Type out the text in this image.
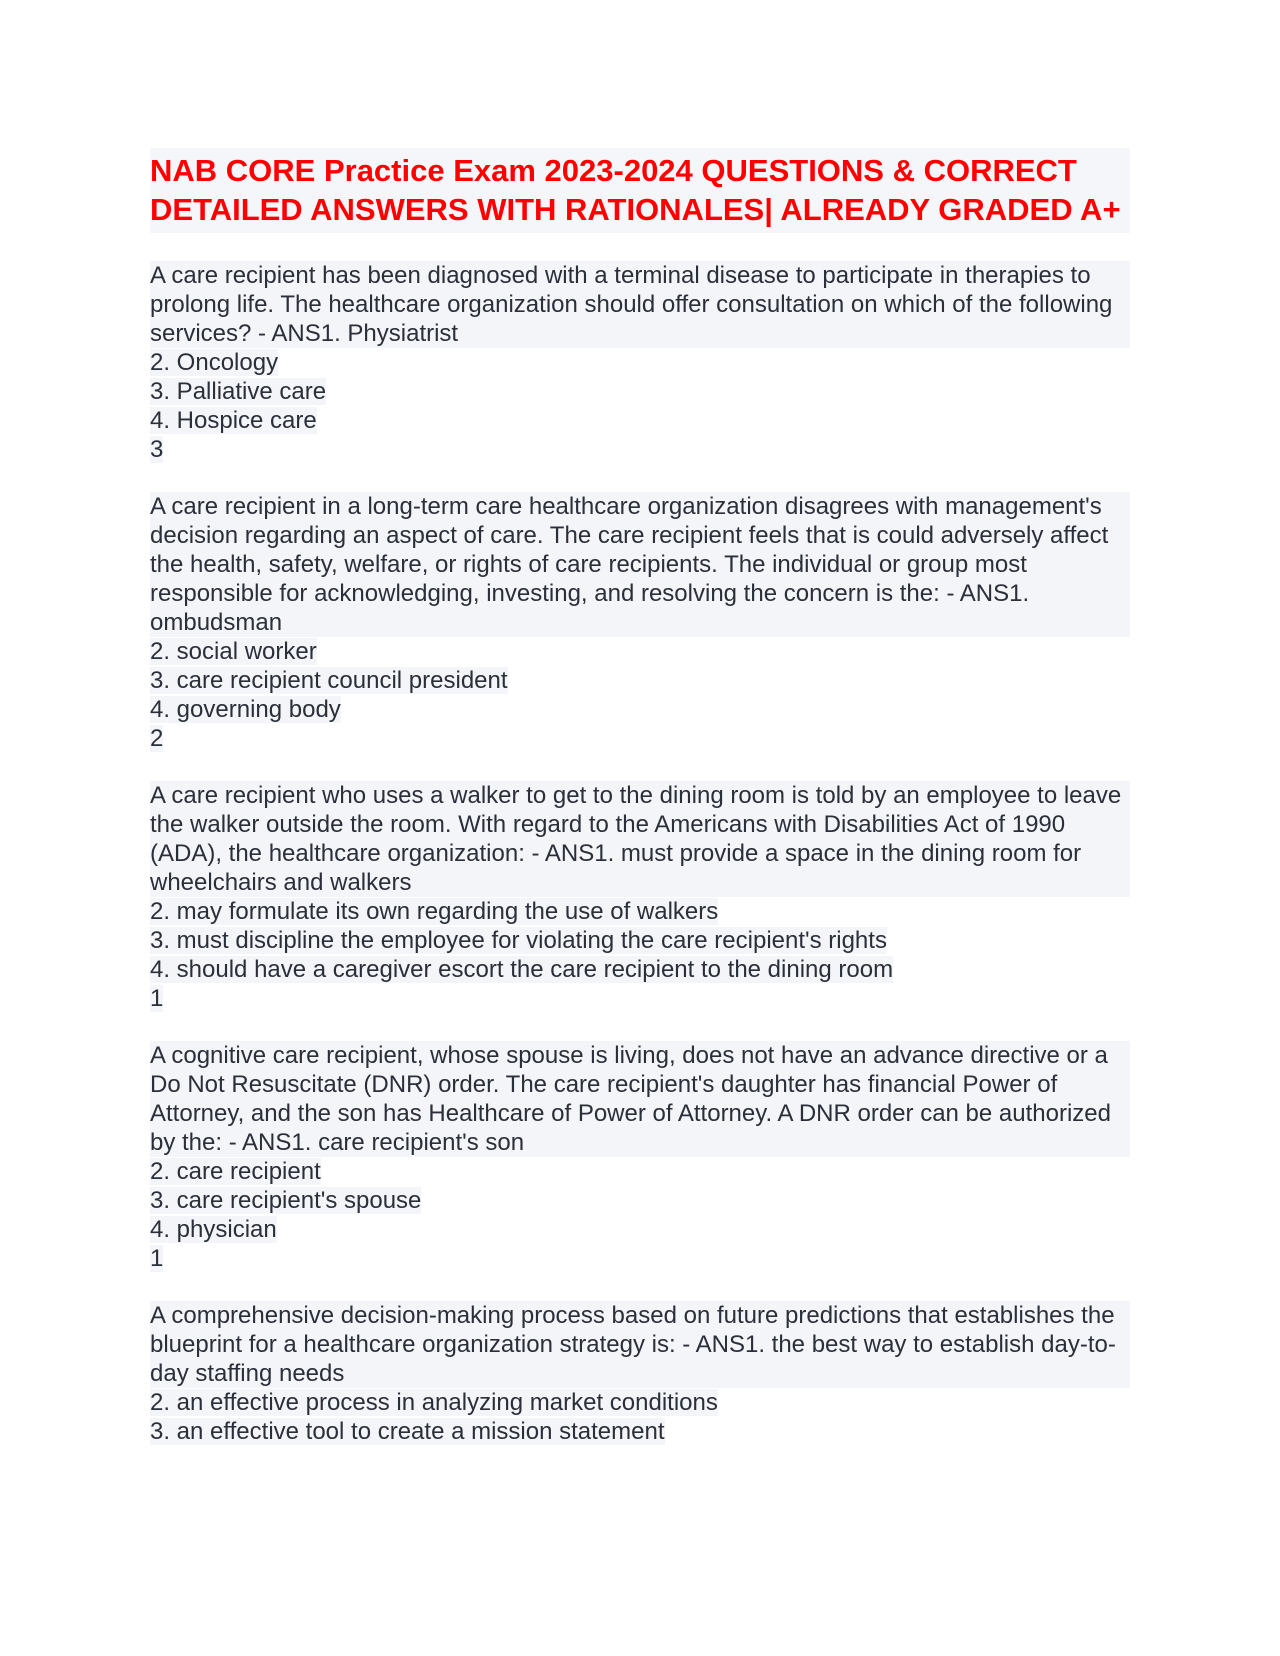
NAB CORE Practice Exam 2023-2024 QUESTIONS & CORRECT DETAILED ANSWERS WITH RATIONALES| ALREADY GRADED A+
A care recipient has been diagnosed with a terminal disease to participate in therapies to prolong life. The healthcare organization should offer consultation on which of the following services? - ANS1. Physiatrist
2. Oncology
3. Palliative care
4. Hospice care
3
A care recipient in a long-term care healthcare organization disagrees with management's decision regarding an aspect of care. The care recipient feels that is could adversely affect the health, safety, welfare, or rights of care recipients. The individual or group most responsible for acknowledging, investing, and resolving the concern is the: - ANS1. ombudsman
2. social worker
3. care recipient council president
4. governing body
2
A care recipient who uses a walker to get to the dining room is told by an employee to leave the walker outside the room. With regard to the Americans with Disabilities Act of 1990 (ADA), the healthcare organization: - ANS1. must provide a space in the dining room for wheelchairs and walkers
2. may formulate its own regarding the use of walkers
3. must discipline the employee for violating the care recipient's rights
4. should have a caregiver escort the care recipient to the dining room
1
A cognitive care recipient, whose spouse is living, does not have an advance directive or a Do Not Resuscitate (DNR) order. The care recipient's daughter has financial Power of Attorney, and the son has Healthcare of Power of Attorney. A DNR order can be authorized by the: - ANS1. care recipient's son
2. care recipient
3. care recipient's spouse
4. physician
1
A comprehensive decision-making process based on future predictions that establishes the blueprint for a healthcare organization strategy is: - ANS1. the best way to establish day-to-day staffing needs
2. an effective process in analyzing market conditions
3. an effective tool to create a mission statement
